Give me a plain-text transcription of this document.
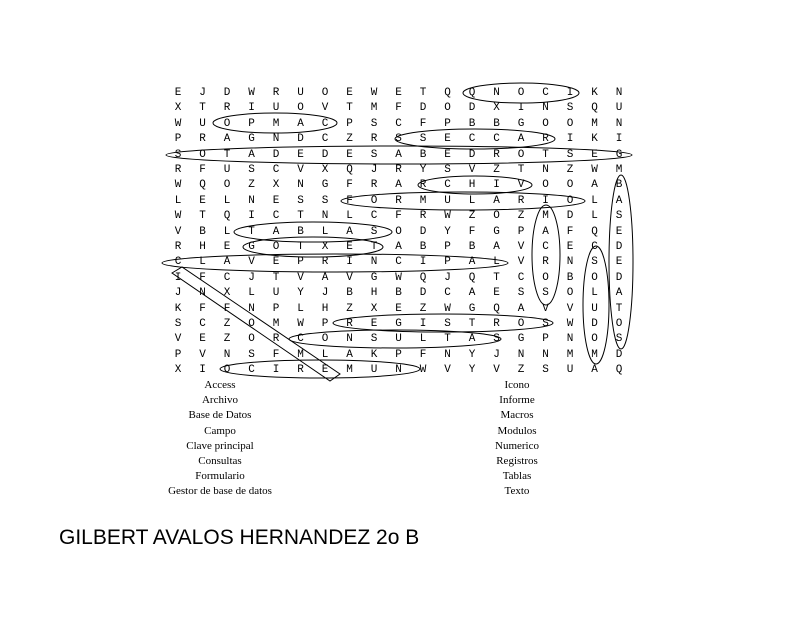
E	J	D	W	R	U	O	E	W	E	T	Q	Q	N	O	C	I	K	N
X	T	R	I	U	O	V	T	M	F	D	O	D	X	I	N	S	Q	U
W	U	O	P	M	A	C	P	S	C	F	P	B	B	G	O	O	M	N
P	R	A	G	N	D	C	Z	R	S	S	E	C	C	A	R	I	K	I
S	O	T	A	D	E	D	E	S	A	B	E	D	R	O	T	S	E	G
R	F	U	S	C	V	X	Q	J	R	Y	S	V	Z	T	N	Z	W	M
W	Q	O	Z	X	N	G	F	R	A	R	C	H	I	V	O	O	A	B
L	E	L	N	E	S	S	F	O	R	M	U	L	A	R	I	O	L	A
W	T	Q	I	C	T	N	L	C	F	R	W	Z	O	Z	M	D	L	S
V	B	L	T	A	B	L	A	S	O	D	Y	F	G	P	A	F	Q	E
R	H	E	G	O	T	X	E	T	A	B	P	B	A	V	C	E	C	D
C	L	A	V	E	P	R	I	N	C	I	P	A	L	V	R	N	S	E
I	F	C	J	T	V	A	V	G	W	Q	J	Q	T	C	O	B	O	D
J	N	X	L	U	Y	J	B	H	B	D	C	A	E	S	S	O	L	A
K	F	F	N	P	L	H	Z	X	E	Z	W	G	Q	A	V	V	U	T
S	C	Z	O	M	W	P	R	E	G	I	S	T	R	O	S	W	D	O
V	E	Z	O	R	C	O	N	S	U	L	T	A	S	G	P	N	O	S
P	V	N	S	F	M	L	A	K	P	F	N	Y	J	N	N	M	M	D
X	I	O	C	I	R	E	M	U	N	W	V	Y	V	Z	S	U	A	Q
Access
Archivo
Base de Datos
Campo
Clave principal
Consultas
Formulario
Gestor de base de datos
Icono
Informe
Macros
Modulos
Numerico
Registros
Tablas
Texto
GILBERT AVALOS HERNANDEZ 2o B
